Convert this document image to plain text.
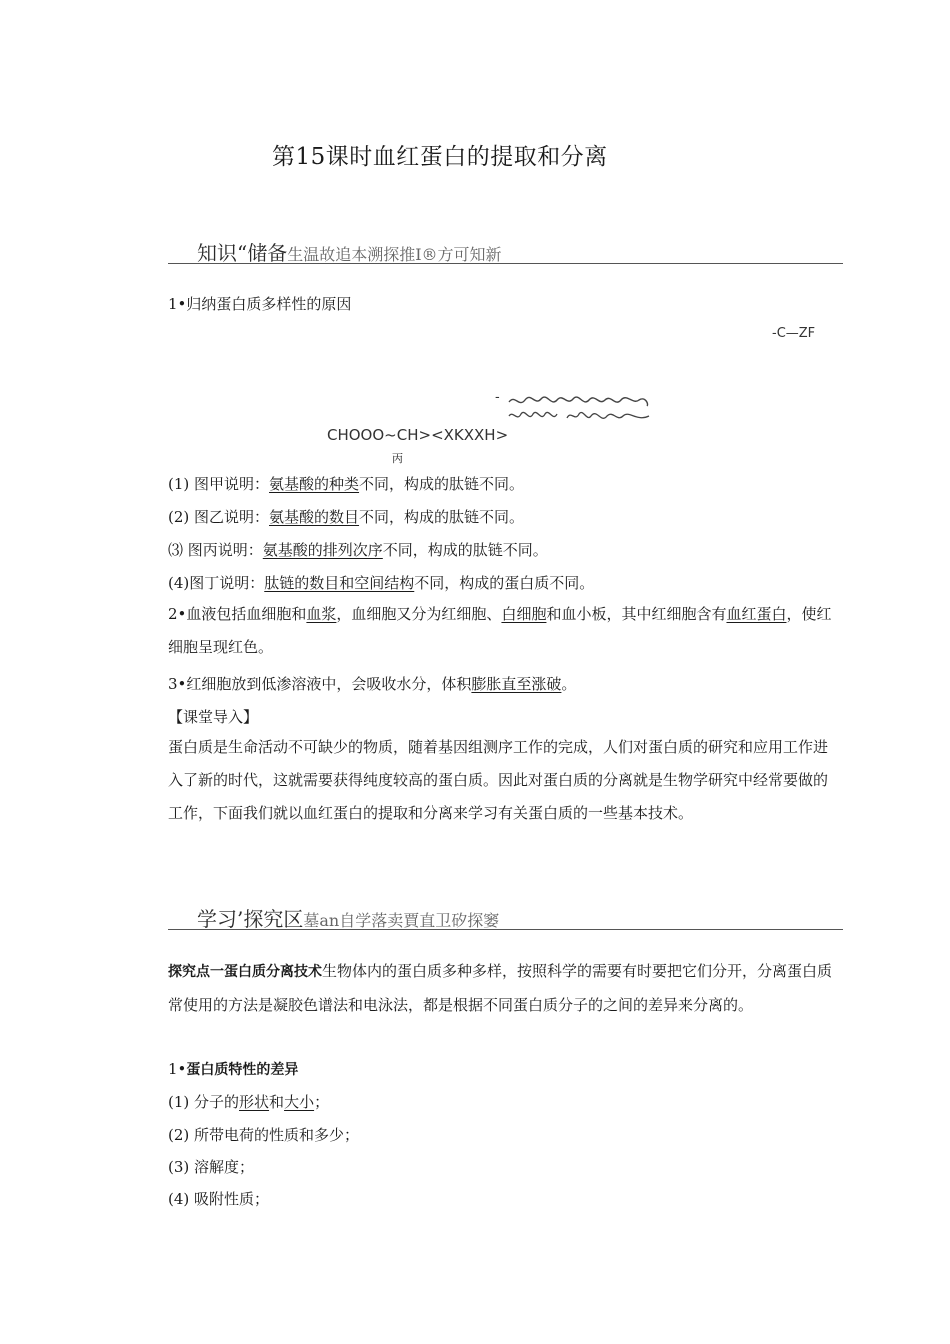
第15课时血红蛋白的提取和分离
知识“储备生温故追本溯探推I®方可知新
1•归纳蛋白质多样性的原因
-C—ZF
-
CHOOO~CH><XKXXH>
丙
(1) 图甲说明：氨基酸的种类不同，构成的肽链不同。
(2) 图乙说明：氨基酸的数目不同，构成的肽链不同。
⑶ 图丙说明：氨基酸的排列次序不同，构成的肽链不同。
(4)图丁说明：肽链的数目和空间结构不同，构成的蛋白质不同。
2•血液包括血细胞和血浆，血细胞又分为红细胞、白细胞和血小板，其中红细胞含有血红蛋白，使红细胞呈现红色。
3•红细胞放到低渗溶液中，会吸收水分，体积膨胀直至涨破。
【课堂导入】
蛋白质是生命活动不可缺少的物质，随着基因组测序工作的完成，人们对蛋白质的研究和应用工作进入了新的时代，这就需要获得纯度较高的蛋白质。因此对蛋白质的分离就是生物学研究中经常要做的工作，下面我们就以血红蛋白的提取和分离来学习有关蛋白质的一些基本技术。
学习’探究区墓an自学落卖賈直卫矽探窭
探究点一蛋白质分离技术生物体内的蛋白质多种多样，按照科学的需要有时要把它们分开，分离蛋白质常使用的方法是凝胶色谱法和电泳法，都是根据不同蛋白质分子的之间的差异来分离的。
1•蛋白质特性的差异
(1) 分子的形状和大小；
(2) 所带电荷的性质和多少；
(3) 溶解度；
(4) 吸附性质；
